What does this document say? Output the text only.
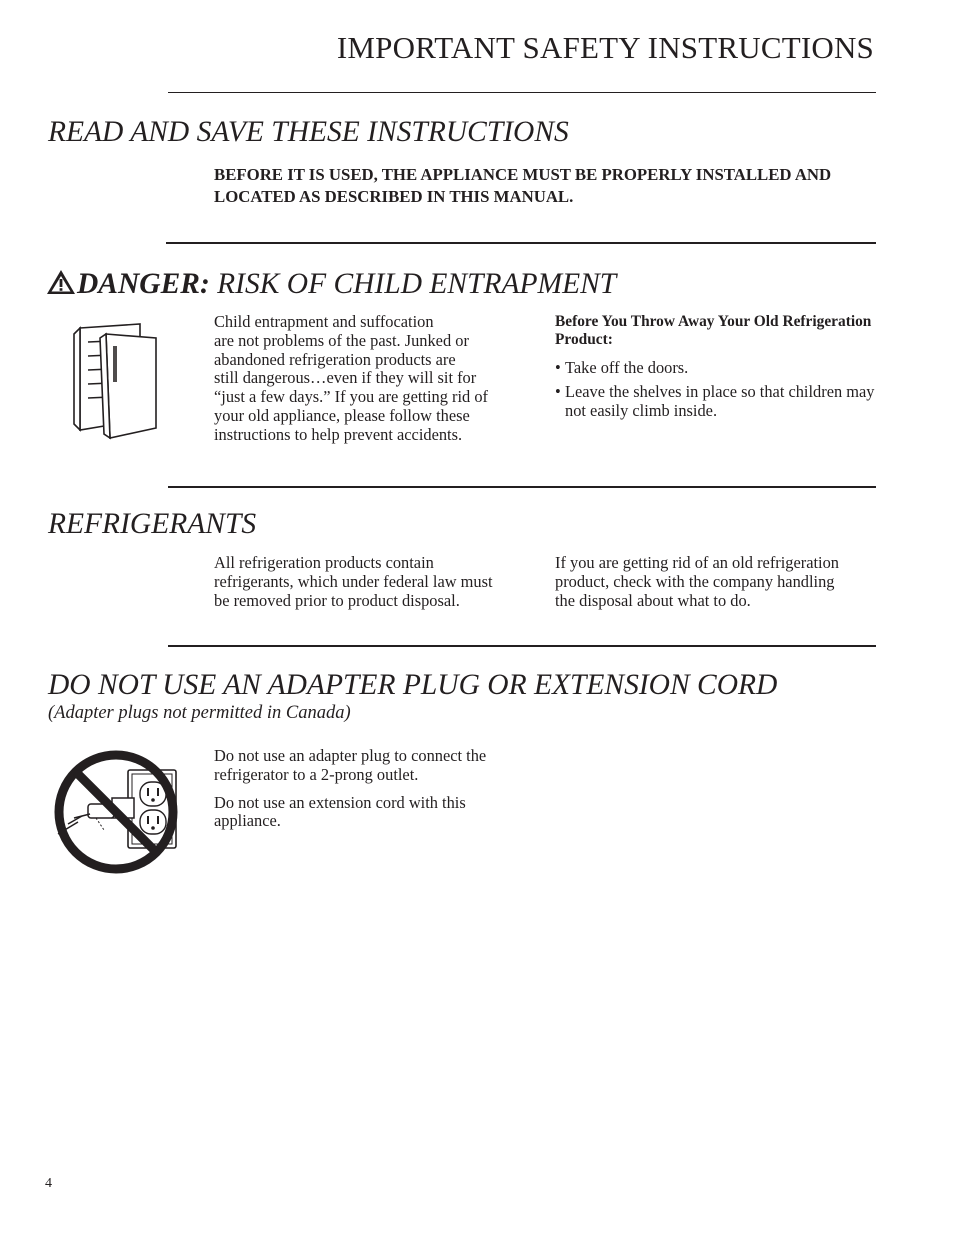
IMPORTANT SAFETY INSTRUCTIONS
READ AND SAVE THESE INSTRUCTIONS
BEFORE IT IS USED, THE APPLIANCE MUST BE PROPERLY INSTALLED AND LOCATED AS DESCRIBED IN THIS MANUAL.
DANGER: RISK OF CHILD ENTRAPMENT

Child entrapment and suffocation

are not problems of the past. Junked or

abandoned refrigeration products are

still dangerous…even if they will sit for

“just a few days.” If you are getting rid of

your old appliance, please follow these

instructions to help prevent accidents.

Before You Throw Away Your Old Refrigeration Product:

• Take off the doors.

• Leave the shelves in place so that children may not easily climb inside.

REFRIGERANTS

All refrigeration products contain

refrigerants, which under federal law must

be removed prior to product disposal.

If you are getting rid of an old refrigeration

product, check with the company handling

the disposal about what to do.

DO NOT USE AN ADAPTER PLUG OR EXTENSION CORD
(Adapter plugs not permitted in Canada)

Do not use an adapter plug to connect the

refrigerator to a 2-prong outlet.

Do not use an extension cord with this

appliance.

4
